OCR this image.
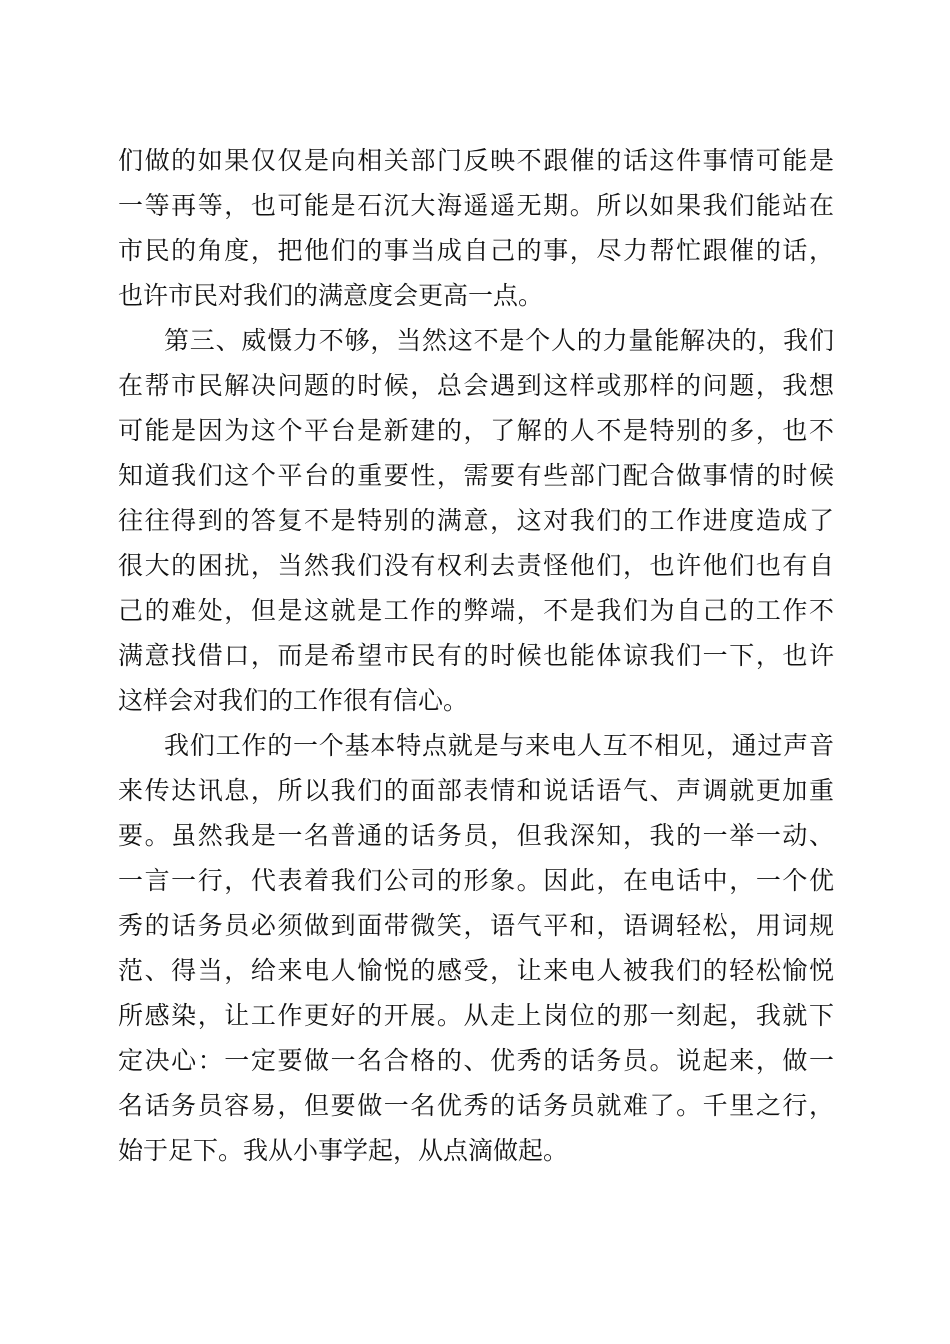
们做的如果仅仅是向相关部门反映不跟催的话这件事情可能是

一等再等，也可能是石沉大海遥遥无期。所以如果我们能站在

市民的角度，把他们的事当成自己的事，尽力帮忙跟催的话，

也许市民对我们的满意度会更高一点。

第三、威慑力不够，当然这不是个人的力量能解决的，我们

在帮市民解决问题的时候，总会遇到这样或那样的问题，我想

可能是因为这个平台是新建的，了解的人不是特别的多，也不

知道我们这个平台的重要性，需要有些部门配合做事情的时候

往往得到的答复不是特别的满意，这对我们的工作进度造成了

很大的困扰，当然我们没有权利去责怪他们，也许他们也有自

己的难处，但是这就是工作的弊端，不是我们为自己的工作不

满意找借口，而是希望市民有的时候也能体谅我们一下，也许

这样会对我们的工作很有信心。

我们工作的一个基本特点就是与来电人互不相见，通过声音

来传达讯息，所以我们的面部表情和说话语气、声调就更加重

要。虽然我是一名普通的话务员，但我深知，我的一举一动、

一言一行，代表着我们公司的形象。因此，在电话中，一个优

秀的话务员必须做到面带微笑，语气平和，语调轻松，用词规

范、得当，给来电人愉悦的感受，让来电人被我们的轻松愉悦

所感染，让工作更好的开展。从走上岗位的那一刻起，我就下

定决心：一定要做一名合格的、优秀的话务员。说起来，做一

名话务员容易，但要做一名优秀的话务员就难了。千里之行，

始于足下。我从小事学起，从点滴做起。
